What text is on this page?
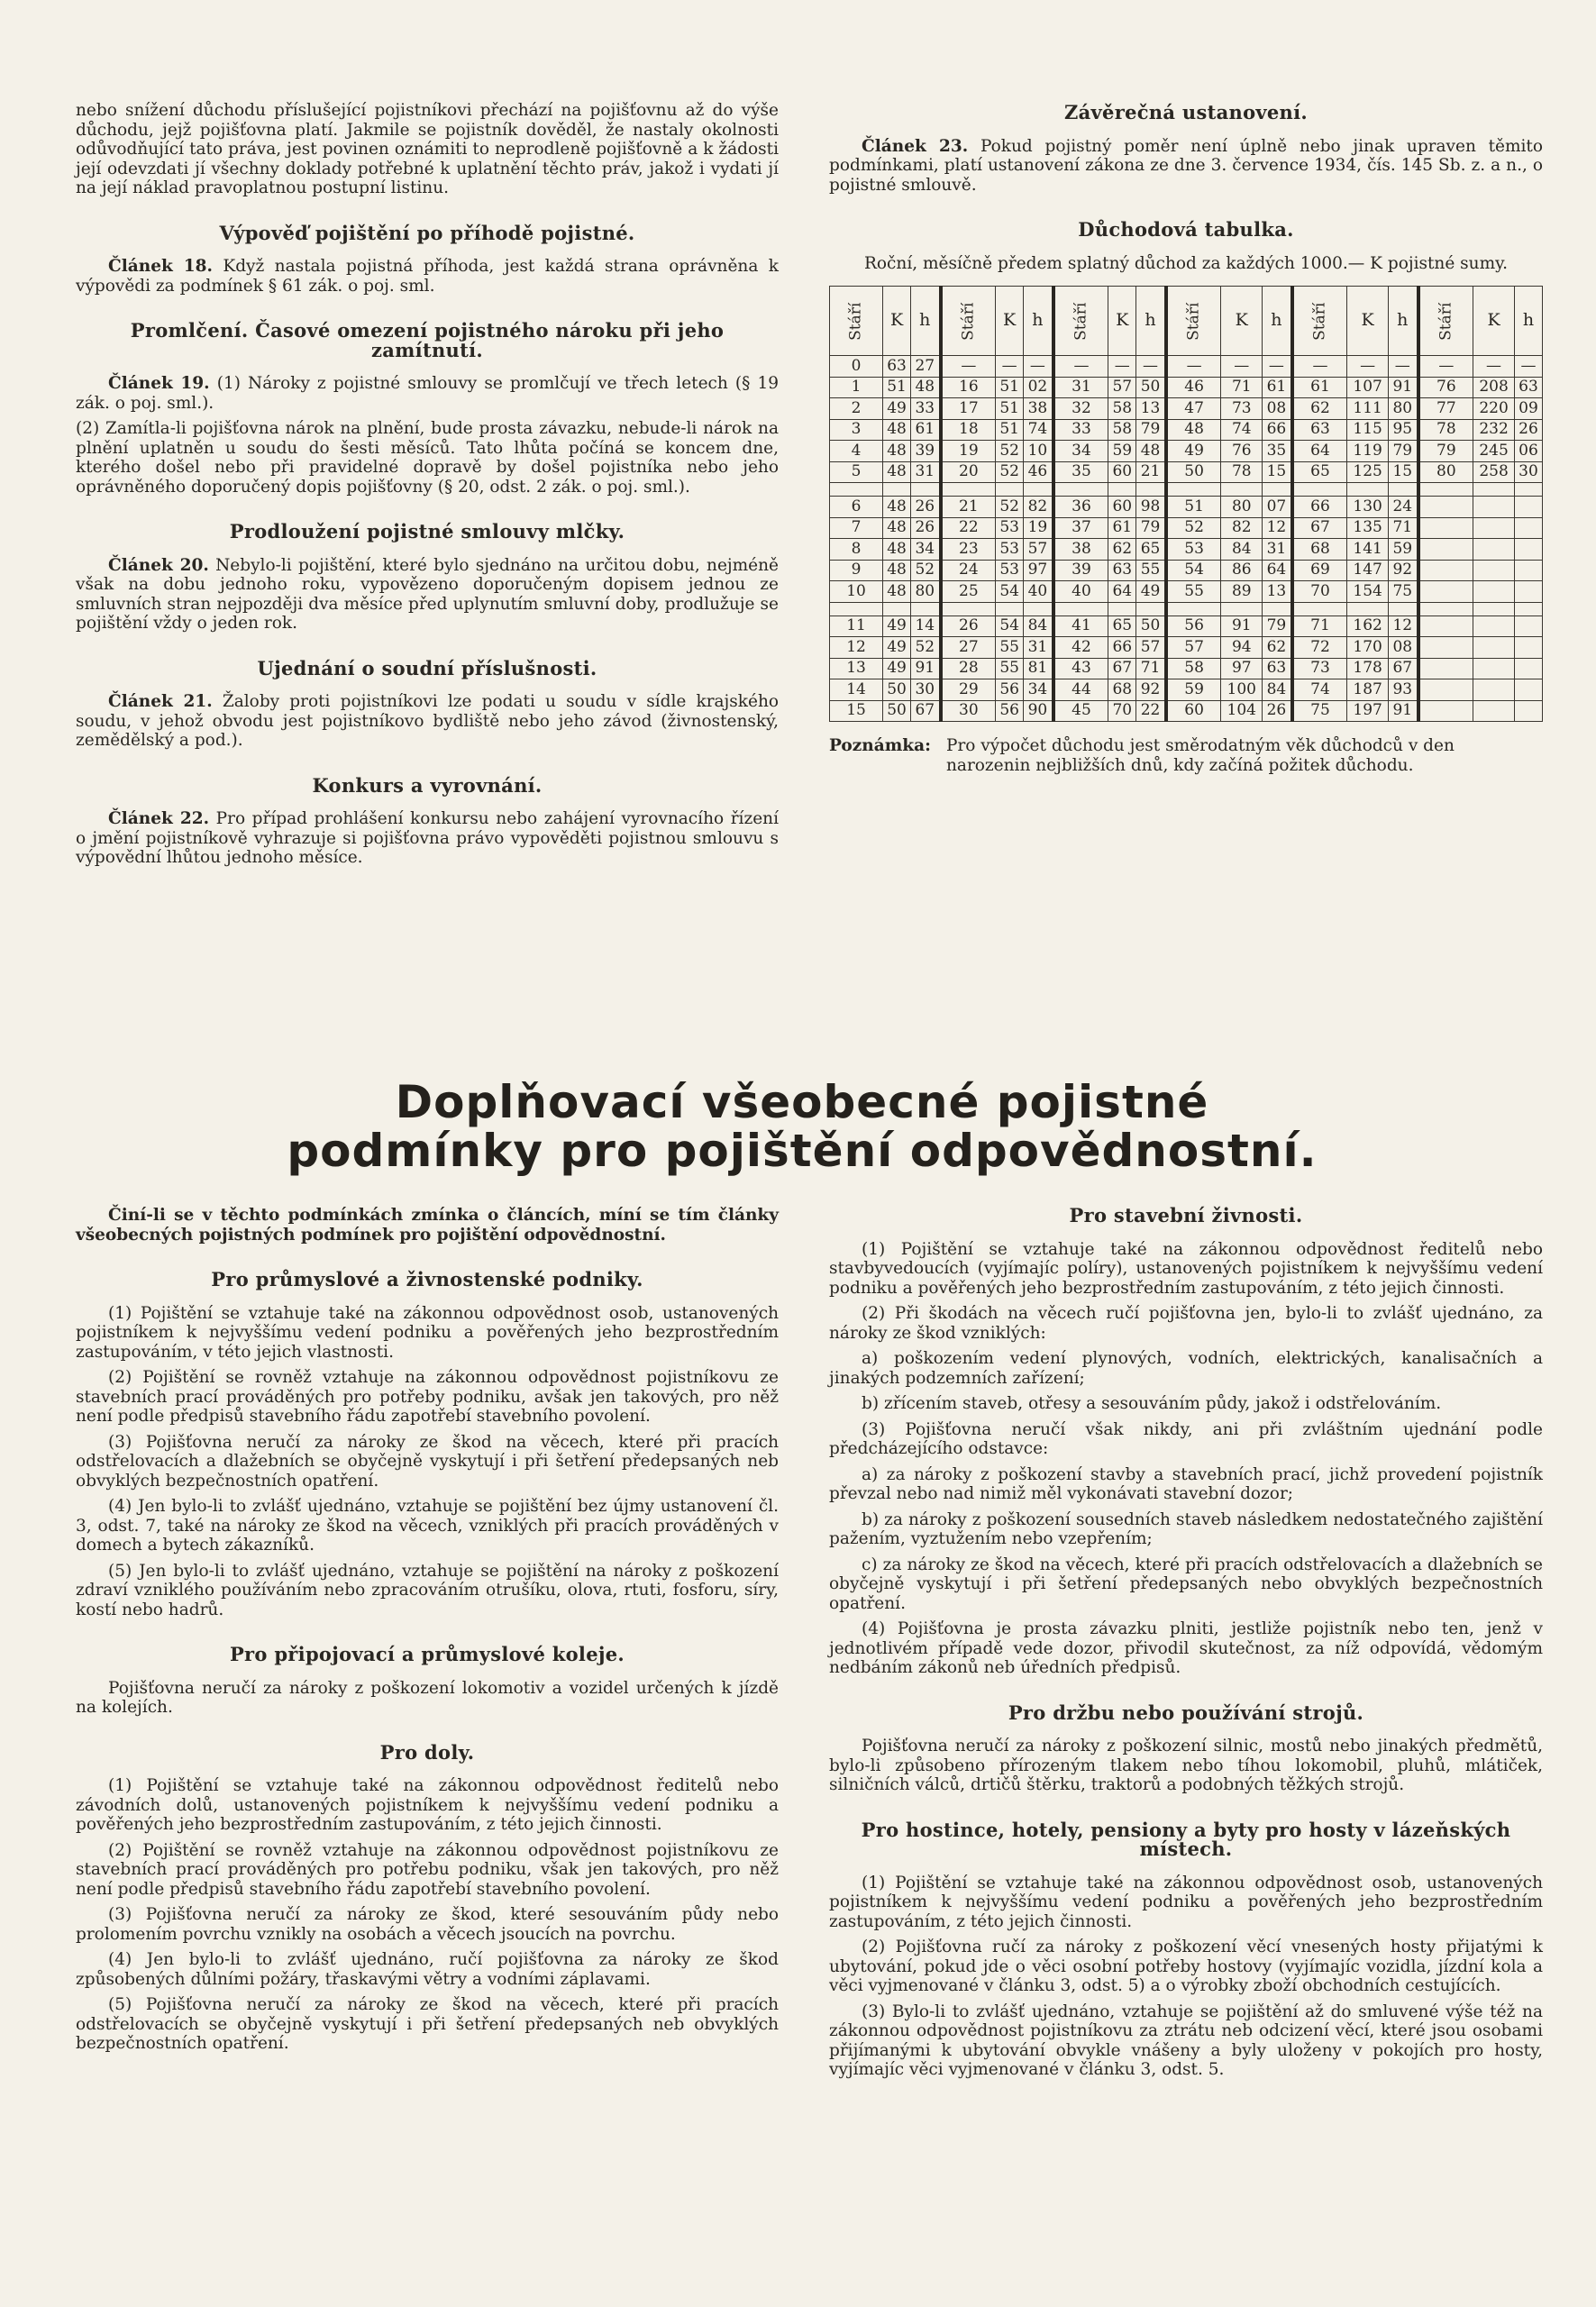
nebo snížení důchodu příslušející pojistníkovi přechází na pojišťovnu až do výše důchodu, jejž pojišťovna platí. Jakmile se pojistník dověděl, že nastaly okolnosti odůvodňující tato práva, jest povinen oznámiti to neprodleně pojišťovně a k žádosti její odevzdati jí všechny doklady potřebné k uplatnění těchto práv, jakož i vydati jí na její náklad pravoplatnou postupní listinu.

Výpověď pojištění po příhodě pojistné.

Článek 18. Když nastala pojistná příhoda, jest každá strana oprávněna k výpovědi za podmínek § 61 zák. o poj. sml.

Promlčení. Časové omezení pojistného nároku při jeho zamítnutí.

Článek 19. (1) Nároky z pojistné smlouvy se promlčují ve třech letech (§ 19 zák. o poj. sml.).

(2) Zamítla-li pojišťovna nárok na plnění, bude prosta závazku, nebude-li nárok na plnění uplatněn u soudu do šesti měsíců. Tato lhůta počíná se koncem dne, kterého došel nebo při pravidelné dopravě by došel pojistníka nebo jeho oprávněného doporučený dopis pojišťovny (§ 20, odst. 2 zák. o poj. sml.).

Prodloužení pojistné smlouvy mlčky.

Článek 20. Nebylo-li pojištění, které bylo sjednáno na určitou dobu, nejméně však na dobu jednoho roku, vypovězeno doporučeným dopisem jednou ze smluvních stran nejpozději dva měsíce před uplynutím smluvní doby, prodlužuje se pojištění vždy o jeden rok.

Ujednání o soudní příslušnosti.

Článek 21. Žaloby proti pojistníkovi lze podati u soudu v sídle krajského soudu, v jehož obvodu jest pojistníkovo bydliště nebo jeho závod (živnostenský, zemědělský a pod.).

Konkurs a vyrovnání.

Článek 22. Pro případ prohlášení konkursu nebo zahájení vyrovnacího řízení o jmění pojistníkově vyhrazuje si pojišťovna právo vypověděti pojistnou smlouvu s výpovědní lhůtou jednoho měsíce.

Závěrečná ustanovení.

Článek 23. Pokud pojistný poměr není úplně nebo jinak upraven těmito podmínkami, platí ustanovení zákona ze dne 3. července 1934, čís. 145 Sb. z. a n., o pojistné smlouvě.

Důchodová tabulka.

Roční, měsíčně předem splatný důchod za každých 1000.— K pojistné sumy.

Stáří	K	h	Stáří	K	h	Stáří	K	h	Stáří	K	h	Stáří	K	h	Stáří	K	h
0	63	27	—	—	—	—	—	—	—	—	—	—	—	—	—	—	—
1	51	48	16	51	02	31	57	50	46	71	61	61	107	91	76	208	63
2	49	33	17	51	38	32	58	13	47	73	08	62	111	80	77	220	09
3	48	61	18	51	74	33	58	79	48	74	66	63	115	95	78	232	26
4	48	39	19	52	10	34	59	48	49	76	35	64	119	79	79	245	06
5	48	31	20	52	46	35	60	21	50	78	15	65	125	15	80	258	30

6	48	26	21	52	82	36	60	98	51	80	07	66	130	24			
7	48	26	22	53	19	37	61	79	52	82	12	67	135	71			
8	48	34	23	53	57	38	62	65	53	84	31	68	141	59			
9	48	52	24	53	97	39	63	55	54	86	64	69	147	92			
10	48	80	25	54	40	40	64	49	55	89	13	70	154	75			

11	49	14	26	54	84	41	65	50	56	91	79	71	162	12			
12	49	52	27	55	31	42	66	57	57	94	62	72	170	08			
13	49	91	28	55	81	43	67	71	58	97	63	73	178	67			
14	50	30	29	56	34	44	68	92	59	100	84	74	187	93			
15	50	67	30	56	90	45	70	22	60	104	26	75	197	91			
Poznámka: Pro výpočet důchodu jest směrodatným věk důchodců v den narozenin nejbližších dnů, kdy začíná požitek důchodu.
Doplňovací všeobecné pojistné podmínky pro pojištění odpovědnostní.

Činí-li se v těchto podmínkách zmínka o článcích, míní se tím články všeobecných pojistných podmínek pro pojištění odpovědnostní.

Pro průmyslové a živnostenské podniky.

(1) Pojištění se vztahuje také na zákonnou odpovědnost osob, ustanovených pojistníkem k nejvyššímu vedení podniku a pověřených jeho bezprostředním zastupováním, v této jejich vlastnosti.

(2) Pojištění se rovněž vztahuje na zákonnou odpovědnost pojistníkovu ze stavebních prací prováděných pro potřeby podniku, avšak jen takových, pro něž není podle předpisů stavebního řádu zapotřebí stavebního povolení.

(3) Pojišťovna neručí za nároky ze škod na věcech, které při pracích odstřelovacích a dlažebních se obyčejně vyskytují i při šetření předepsaných neb obvyklých bezpečnostních opatření.

(4) Jen bylo-li to zvlášť ujednáno, vztahuje se pojištění bez újmy ustanovení čl. 3, odst. 7, také na nároky ze škod na věcech, vzniklých při pracích prováděných v domech a bytech zákazníků.

(5) Jen bylo-li to zvlášť ujednáno, vztahuje se pojištění na nároky z poškození zdraví vzniklého používáním nebo zpracováním otrušíku, olova, rtuti, fosforu, síry, kostí nebo hadrů.

Pro připojovací a průmyslové koleje.

Pojišťovna neručí za nároky z poškození lokomotiv a vozidel určených k jízdě na kolejích.

Pro doly.

(1) Pojištění se vztahuje také na zákonnou odpovědnost ředitelů nebo závodních dolů, ustanovených pojistníkem k nejvyššímu vedení podniku a pověřených jeho bezprostředním zastupováním, z této jejich činnosti.

(2) Pojištění se rovněž vztahuje na zákonnou odpovědnost pojistníkovu ze stavebních prací prováděných pro potřebu podniku, však jen takových, pro něž není podle předpisů stavebního řádu zapotřebí stavebního povolení.

(3) Pojišťovna neručí za nároky ze škod, které sesouváním půdy nebo prolomením povrchu vznikly na osobách a věcech jsoucích na povrchu.

(4) Jen bylo-li to zvlášť ujednáno, ručí pojišťovna za nároky ze škod způsobených důlními požáry, třaskavými větry a vodními záplavami.

(5) Pojišťovna neručí za nároky ze škod na věcech, které při pracích odstřelovacích se obyčejně vyskytují i při šetření předepsaných neb obvyklých bezpečnostních opatření.

Pro stavební živnosti.

(1) Pojištění se vztahuje také na zákonnou odpovědnost ředitelů nebo stavbyvedoucích (vyjímajíc políry), ustanovených pojistníkem k nejvyššímu vedení podniku a pověřených jeho bezprostředním zastupováním, z této jejich činnosti.

(2) Při škodách na věcech ručí pojišťovna jen, bylo-li to zvlášť ujednáno, za nároky ze škod vzniklých:

a) poškozením vedení plynových, vodních, elektrických, kanalisačních a jinakých podzemních zařízení;

b) zřícením staveb, otřesy a sesouváním půdy, jakož i odstřelováním.

(3) Pojišťovna neručí však nikdy, ani při zvláštním ujednání podle předcházejícího odstavce:

a) za nároky z poškození stavby a stavebních prací, jichž provedení pojistník převzal nebo nad nimiž měl vykonávati stavební dozor;

b) za nároky z poškození sousedních staveb následkem nedostatečného zajištění pažením, vyztužením nebo vzepřením;

c) za nároky ze škod na věcech, které při pracích odstřelovacích a dlažebních se obyčejně vyskytují i při šetření předepsaných nebo obvyklých bezpečnostních opatření.

(4) Pojišťovna je prosta závazku plniti, jestliže pojistník nebo ten, jenž v jednotlivém případě vede dozor, přivodil skutečnost, za níž odpovídá, vědomým nedbáním zákonů neb úředních předpisů.

Pro držbu nebo používání strojů.

Pojišťovna neručí za nároky z poškození silnic, mostů nebo jinakých předmětů, bylo-li způsobeno přírozeným tlakem nebo tíhou lokomobil, pluhů, mlátiček, silničních válců, drtičů štěrku, traktorů a podobných těžkých strojů.

Pro hostince, hotely, pensiony a byty pro hosty v lázeňských místech.

(1) Pojištění se vztahuje také na zákonnou odpovědnost osob, ustanovených pojistníkem k nejvyššímu vedení podniku a pověřených jeho bezprostředním zastupováním, z této jejich činnosti.

(2) Pojišťovna ručí za nároky z poškození věcí vnesených hosty přijatými k ubytování, pokud jde o věci osobní potřeby hostovy (vyjímajíc vozidla, jízdní kola a věci vyjmenované v článku 3, odst. 5) a o výrobky zboží obchodních cestujících.

(3) Bylo-li to zvlášť ujednáno, vztahuje se pojištění až do smluvené výše též na zákonnou odpovědnost pojistníkovu za ztrátu neb odcizení věcí, které jsou osobami přijímanými k ubytování obvykle vnášeny a byly uloženy v pokojích pro hosty, vyjímajíc věci vyjmenované v článku 3, odst. 5.
